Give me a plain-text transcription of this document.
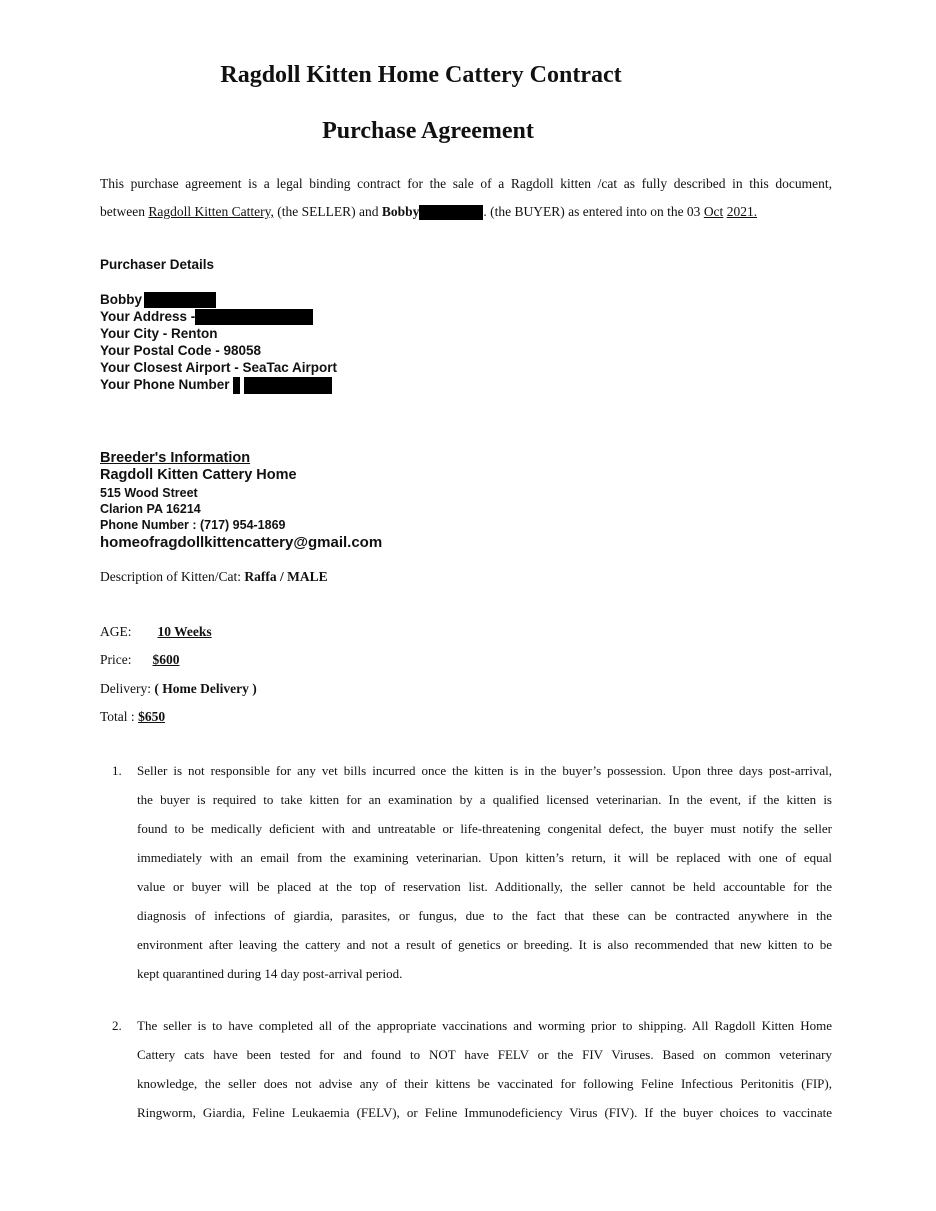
Ragdoll Kitten Home Cattery Contract
Purchase Agreement
This purchase agreement is a legal binding contract for the sale of a Ragdoll kitten /cat as fully described in this document,
between Ragdoll Kitten Cattery, (the SELLER) and Bobby	. (the BUYER) as entered into on the 03 Oct 2021.
Purchaser Details
Bobby
Your Address -
Your City - Renton
Your Postal Code - 98058
Your Closest Airport - SeaTac Airport
Your Phone Number
Breeder's Information
Ragdoll Kitten Cattery Home
515 Wood Street
Clarion PA 16214
Phone Number : (717) 954-1869
homeofragdollkittencattery@gmail.com
Description of Kitten/Cat: Raffa / MALE
AGE: 10 Weeks
Price: $600
Delivery: ( Home Delivery )
Total : $650
1. Seller is not responsible for any vet bills incurred once the kitten is in the buyer’s possession. Upon three days post-arrival,
the buyer is required to take kitten for an examination by a qualified licensed veterinarian. In the event, if the kitten is
found to be medically deficient with and untreatable or life-threatening congenital defect, the buyer must notify the seller
immediately with an email from the examining veterinarian. Upon kitten’s return, it will be replaced with one of equal
value or buyer will be placed at the top of reservation list. Additionally, the seller cannot be held accountable for the
diagnosis of infections of giardia, parasites, or fungus, due to the fact that these can be contracted anywhere in the
environment after leaving the cattery and not a result of genetics or breeding. It is also recommended that new kitten to be
kept quarantined during 14 day post-arrival period.
2. The seller is to have completed all of the appropriate vaccinations and worming prior to shipping. All Ragdoll Kitten Home
Cattery cats have been tested for and found to NOT have FELV or the FIV Viruses. Based on common veterinary
knowledge, the seller does not advise any of their kittens be vaccinated for following Feline Infectious Peritonitis (FIP),
Ringworm, Giardia, Feline Leukaemia (FELV), or Feline Immunodeficiency Virus (FIV). If the buyer choices to vaccinate
